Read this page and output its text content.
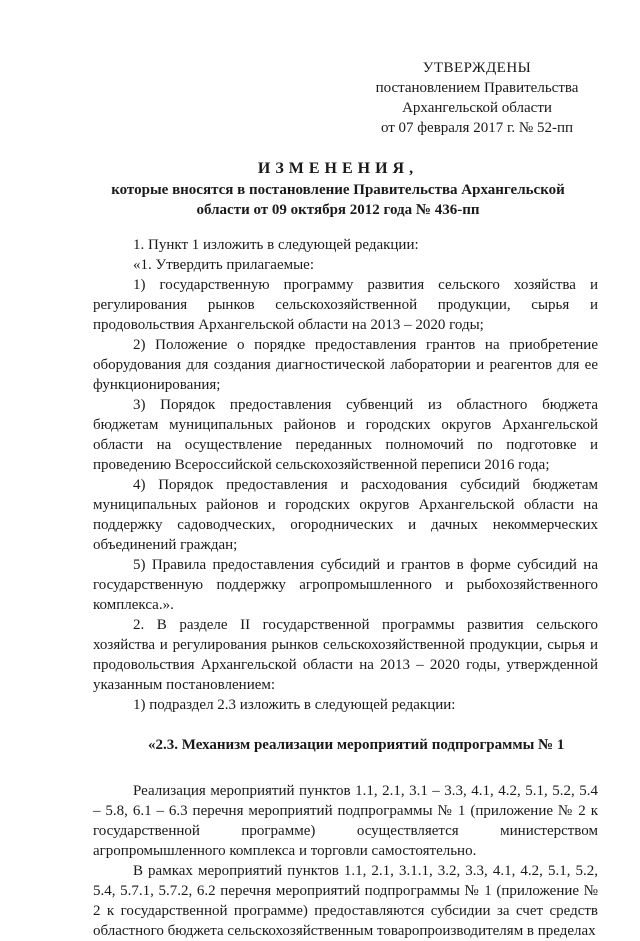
УТВЕРЖДЕНЫ
постановлением Правительства
Архангельской области
от 07 февраля 2017 г. № 52-пп
ИЗМЕНЕНИЯ,
которые вносятся в постановление Правительства Архангельской
области от 09 октября 2012 года № 436-пп

1. Пункт 1 изложить в следующей редакции:

«1. Утвердить прилагаемые:

1) государственную программу развития сельского хозяйства и регулирования рынков сельскохозяйственной продукции, сырья и продовольствия Архангельской области на 2013 – 2020 годы;

2) Положение о порядке предоставления грантов на приобретение оборудования для создания диагностической лаборатории и реагентов для ее функционирования;

3) Порядок предоставления субвенций из областного бюджета бюджетам муниципальных районов и городских округов Архангельской области на осуществление переданных полномочий по подготовке и проведению Всероссийской сельскохозяйственной переписи 2016 года;

4) Порядок предоставления и расходования субсидий бюджетам муниципальных районов и городских округов Архангельской области на поддержку садоводческих, огороднических и дачных некоммерческих объединений граждан;

5) Правила предоставления субсидий и грантов в форме субсидий на государственную поддержку агропромышленного и рыбохозяйственного комплекса.».

2. В разделе II государственной программы развития сельского хозяйства и регулирования рынков сельскохозяйственной продукции, сырья и продовольствия Архангельской области на 2013 – 2020 годы, утвержденной указанным постановлением:

1) подраздел 2.3 изложить в следующей редакции:

«2.3. Механизм реализации мероприятий подпрограммы № 1

Реализация мероприятий пунктов 1.1, 2.1, 3.1 – 3.3, 4.1, 4.2, 5.1, 5.2, 5.4 – 5.8, 6.1 – 6.3 перечня мероприятий подпрограммы № 1 (приложение № 2 к государственной программе) осуществляется министерством агропромышленного комплекса и торговли самостоятельно.

В рамках мероприятий пунктов 1.1, 2.1, 3.1.1, 3.2, 3.3, 4.1, 4.2, 5.1, 5.2, 5.4, 5.7.1, 5.7.2, 6.2 перечня мероприятий подпрограммы № 1 (приложение № 2 к государственной программе) предоставляются субсидии за счет средств областного бюджета сельскохозяйственным товаропроизводителям в пределах
